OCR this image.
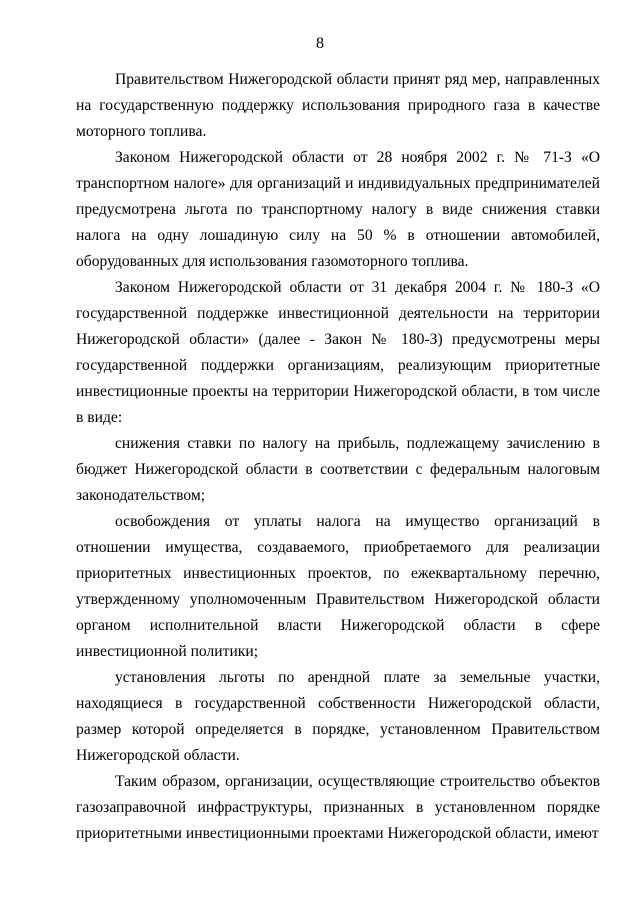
8

Правительством Нижегородской области принят ряд мер, направленных на государственную поддержку использования природного газа в качестве моторного топлива.

Законом Нижегородской области от 28 ноября 2002 г. № 71-З «О транспортном налоге» для организаций и индивидуальных предпринимателей предусмотрена льгота по транспортному налогу в виде снижения ставки налога на одну лошадиную силу на 50 % в отношении автомобилей, оборудованных для использования газомоторного топлива.

Законом Нижегородской области от 31 декабря 2004 г. № 180-З «О государственной поддержке инвестиционной деятельности на территории Нижегородской области» (далее - Закон № 180-З) предусмотрены меры государственной поддержки организациям, реализующим приоритетные инвестиционные проекты на территории Нижегородской области, в том числе в виде:

снижения ставки по налогу на прибыль, подлежащему зачислению в бюджет Нижегородской области в соответствии с федеральным налоговым законодательством;

освобождения от уплаты налога на имущество организаций в отношении имущества, создаваемого, приобретаемого для реализации приоритетных инвестиционных проектов, по ежеквартальному перечню, утвержденному уполномоченным Правительством Нижегородской области органом исполнительной власти Нижегородской области в сфере инвестиционной политики;

установления льготы по арендной плате за земельные участки, находящиеся в государственной собственности Нижегородской области, размер которой определяется в порядке, установленном Правительством Нижегородской области.

Таким образом, организации, осуществляющие строительство объектов газозаправочной инфраструктуры, признанных в установленном порядке приоритетными инвестиционными проектами Нижегородской области, имеют
